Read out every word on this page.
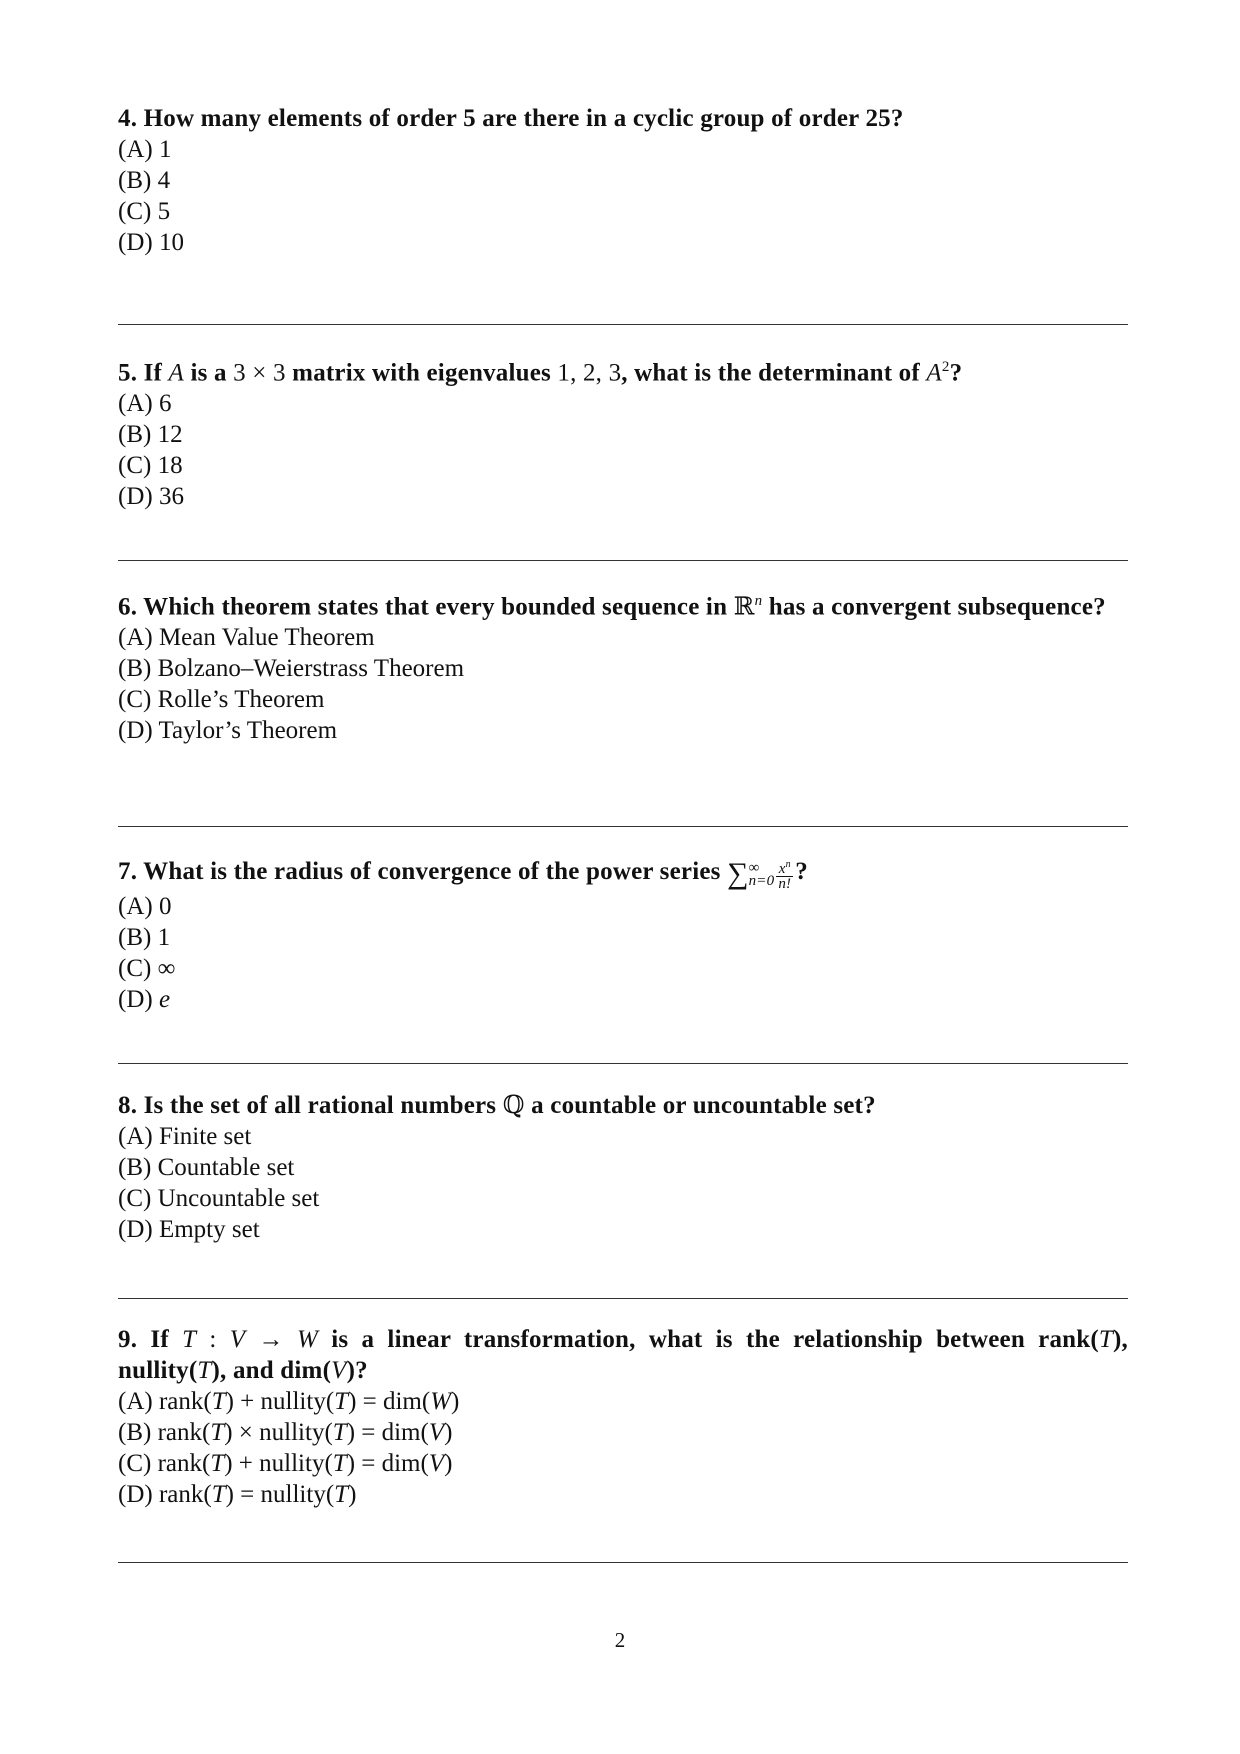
4. How many elements of order 5 are there in a cyclic group of order 25?
(A) 1
(B) 4
(C) 5
(D) 10
5. If A is a 3 × 3 matrix with eigenvalues 1, 2, 3, what is the determinant of $A^2$?
(A) 6
(B) 12
(C) 18
(D) 36
6. Which theorem states that every bounded sequence in ℝ$^n$ has a convergent subsequence?
(A) Mean Value Theorem
(B) Bolzano–Weierstrass Theorem
(C) Rolle’s Theorem
(D) Taylor’s Theorem
7. What is the radius of convergence of the power series ∑ ∞
$n=0 \frac{x^n}{n!}$ ?
(A) 0
(B) 1
(C) ∞
(D) e
8. Is the set of all rational numbers ℚ a countable or uncountable set?
(A) Finite set
(B) Countable set
(C) Uncountable set
(D) Empty set
9. If T : V → W is a linear transformation, what is the relationship between rank(T), nullity(T), and dim(V)?
(A) rank(T) + nullity(T) = dim(W)
(B) rank(T) × nullity(T) = dim(V)
(C) rank(T) + nullity(T) = dim(V)
(D) rank(T) = nullity(T)
2
